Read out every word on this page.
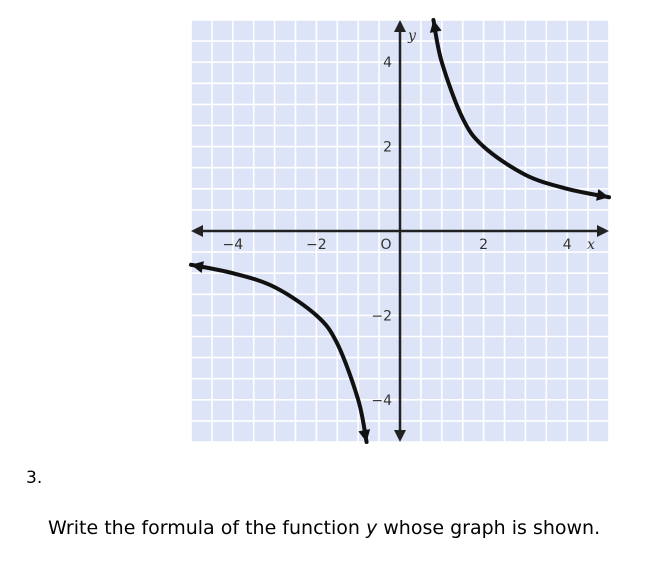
−4	−2	O	2	4
−4
−2
2
4
x
y
3.
Write the formula of the function y whose graph is shown.
